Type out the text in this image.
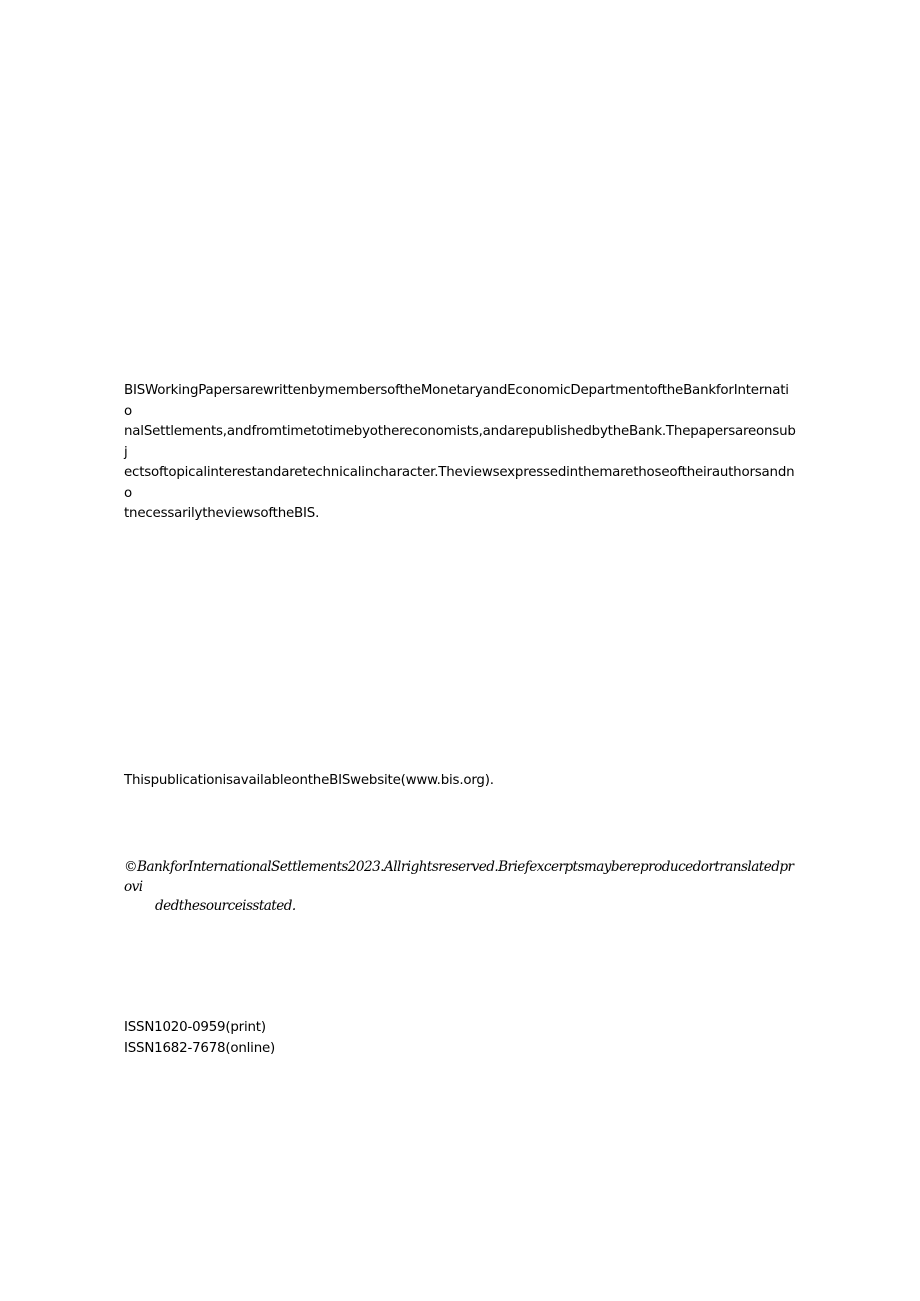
BISWorkingPapersarewrittenbymembersoftheMonetaryandEconomicDepartmentoftheBankforInternatio
nalSettlements,andfromtimetotimebyothereconomists,andarepublishedbytheBank.Thepapersareonsubj
ectsoftopicalinterestandaretechnicalincharacter.Theviewsexpressedinthemarethoseoftheirauthorsandno
tnecessarilytheviewsoftheBIS.
ThispublicationisavailableontheBISwebsite(www.bis.org).
©BankforInternationalSettlements2023.Allrightsreserved.Briefexcerptsmaybereproducedortranslatedprovi
dedthesourceisstated.
ISSN1020-0959(print)
ISSN1682-7678(online)
